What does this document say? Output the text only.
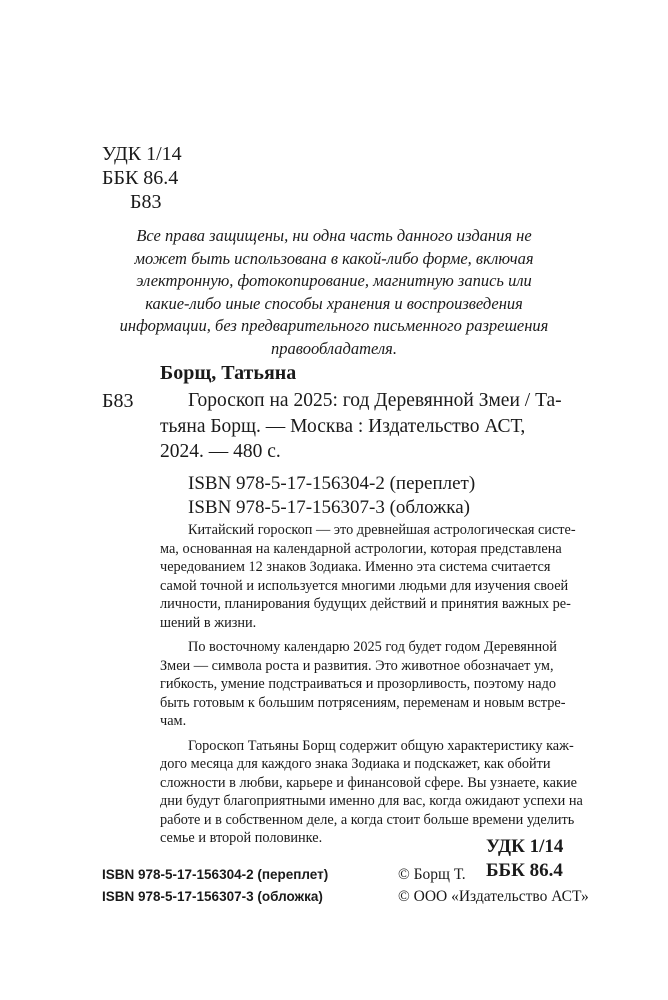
УДК 1/14
ББК 86.4
Б83
Все права защищены, ни одна часть данного издания не
может быть использована в какой-либо форме, включая
электронную, фотокопирование, магнитную запись или
какие-либо иные способы хранения и воспроизведения
информации, без предварительного письменного разрешения
правообладателя.
Борщ, Татьяна
Б83	Гороскоп на 2025: год Деревянной Змеи / Та-
тьяна Борщ. — Москва : Издательство АСТ,
2024. — 480 с.
ISBN 978-5-17-156304-2 (переплет)
ISBN 978-5-17-156307-3 (обложка)
Китайский гороскоп — это древнейшая астрологическая систе-
ма, основанная на календарной астрологии, которая представлена
чередованием 12 знаков Зодиака. Именно эта система считается
самой точной и используется многими людьми для изучения своей
личности, планирования будущих действий и принятия важных ре-
шений в жизни.
По восточному календарю 2025 год будет годом Деревянной
Змеи — символа роста и развития. Это животное обозначает ум,
гибкость, умение подстраиваться и прозорливость, поэтому надо
быть готовым к большим потрясениям, переменам и новым встре-
чам.
Гороскоп Татьяны Борщ содержит общую характеристику каж-
дого месяца для каждого знака Зодиака и подскажет, как обойти
сложности в любви, карьере и финансовой сфере. Вы узнаете, какие
дни будут благоприятными именно для вас, когда ожидают успехи на
работе и в собственном деле, а когда стоит больше времени уделить
семье и второй половинке.	УДК 1/14
ББК 86.4
ISBN 978-5-17-156304-2 (переплет)
ISBN 978-5-17-156307-3 (обложка)
© Борщ Т.
© ООО «Издательство АСТ»
